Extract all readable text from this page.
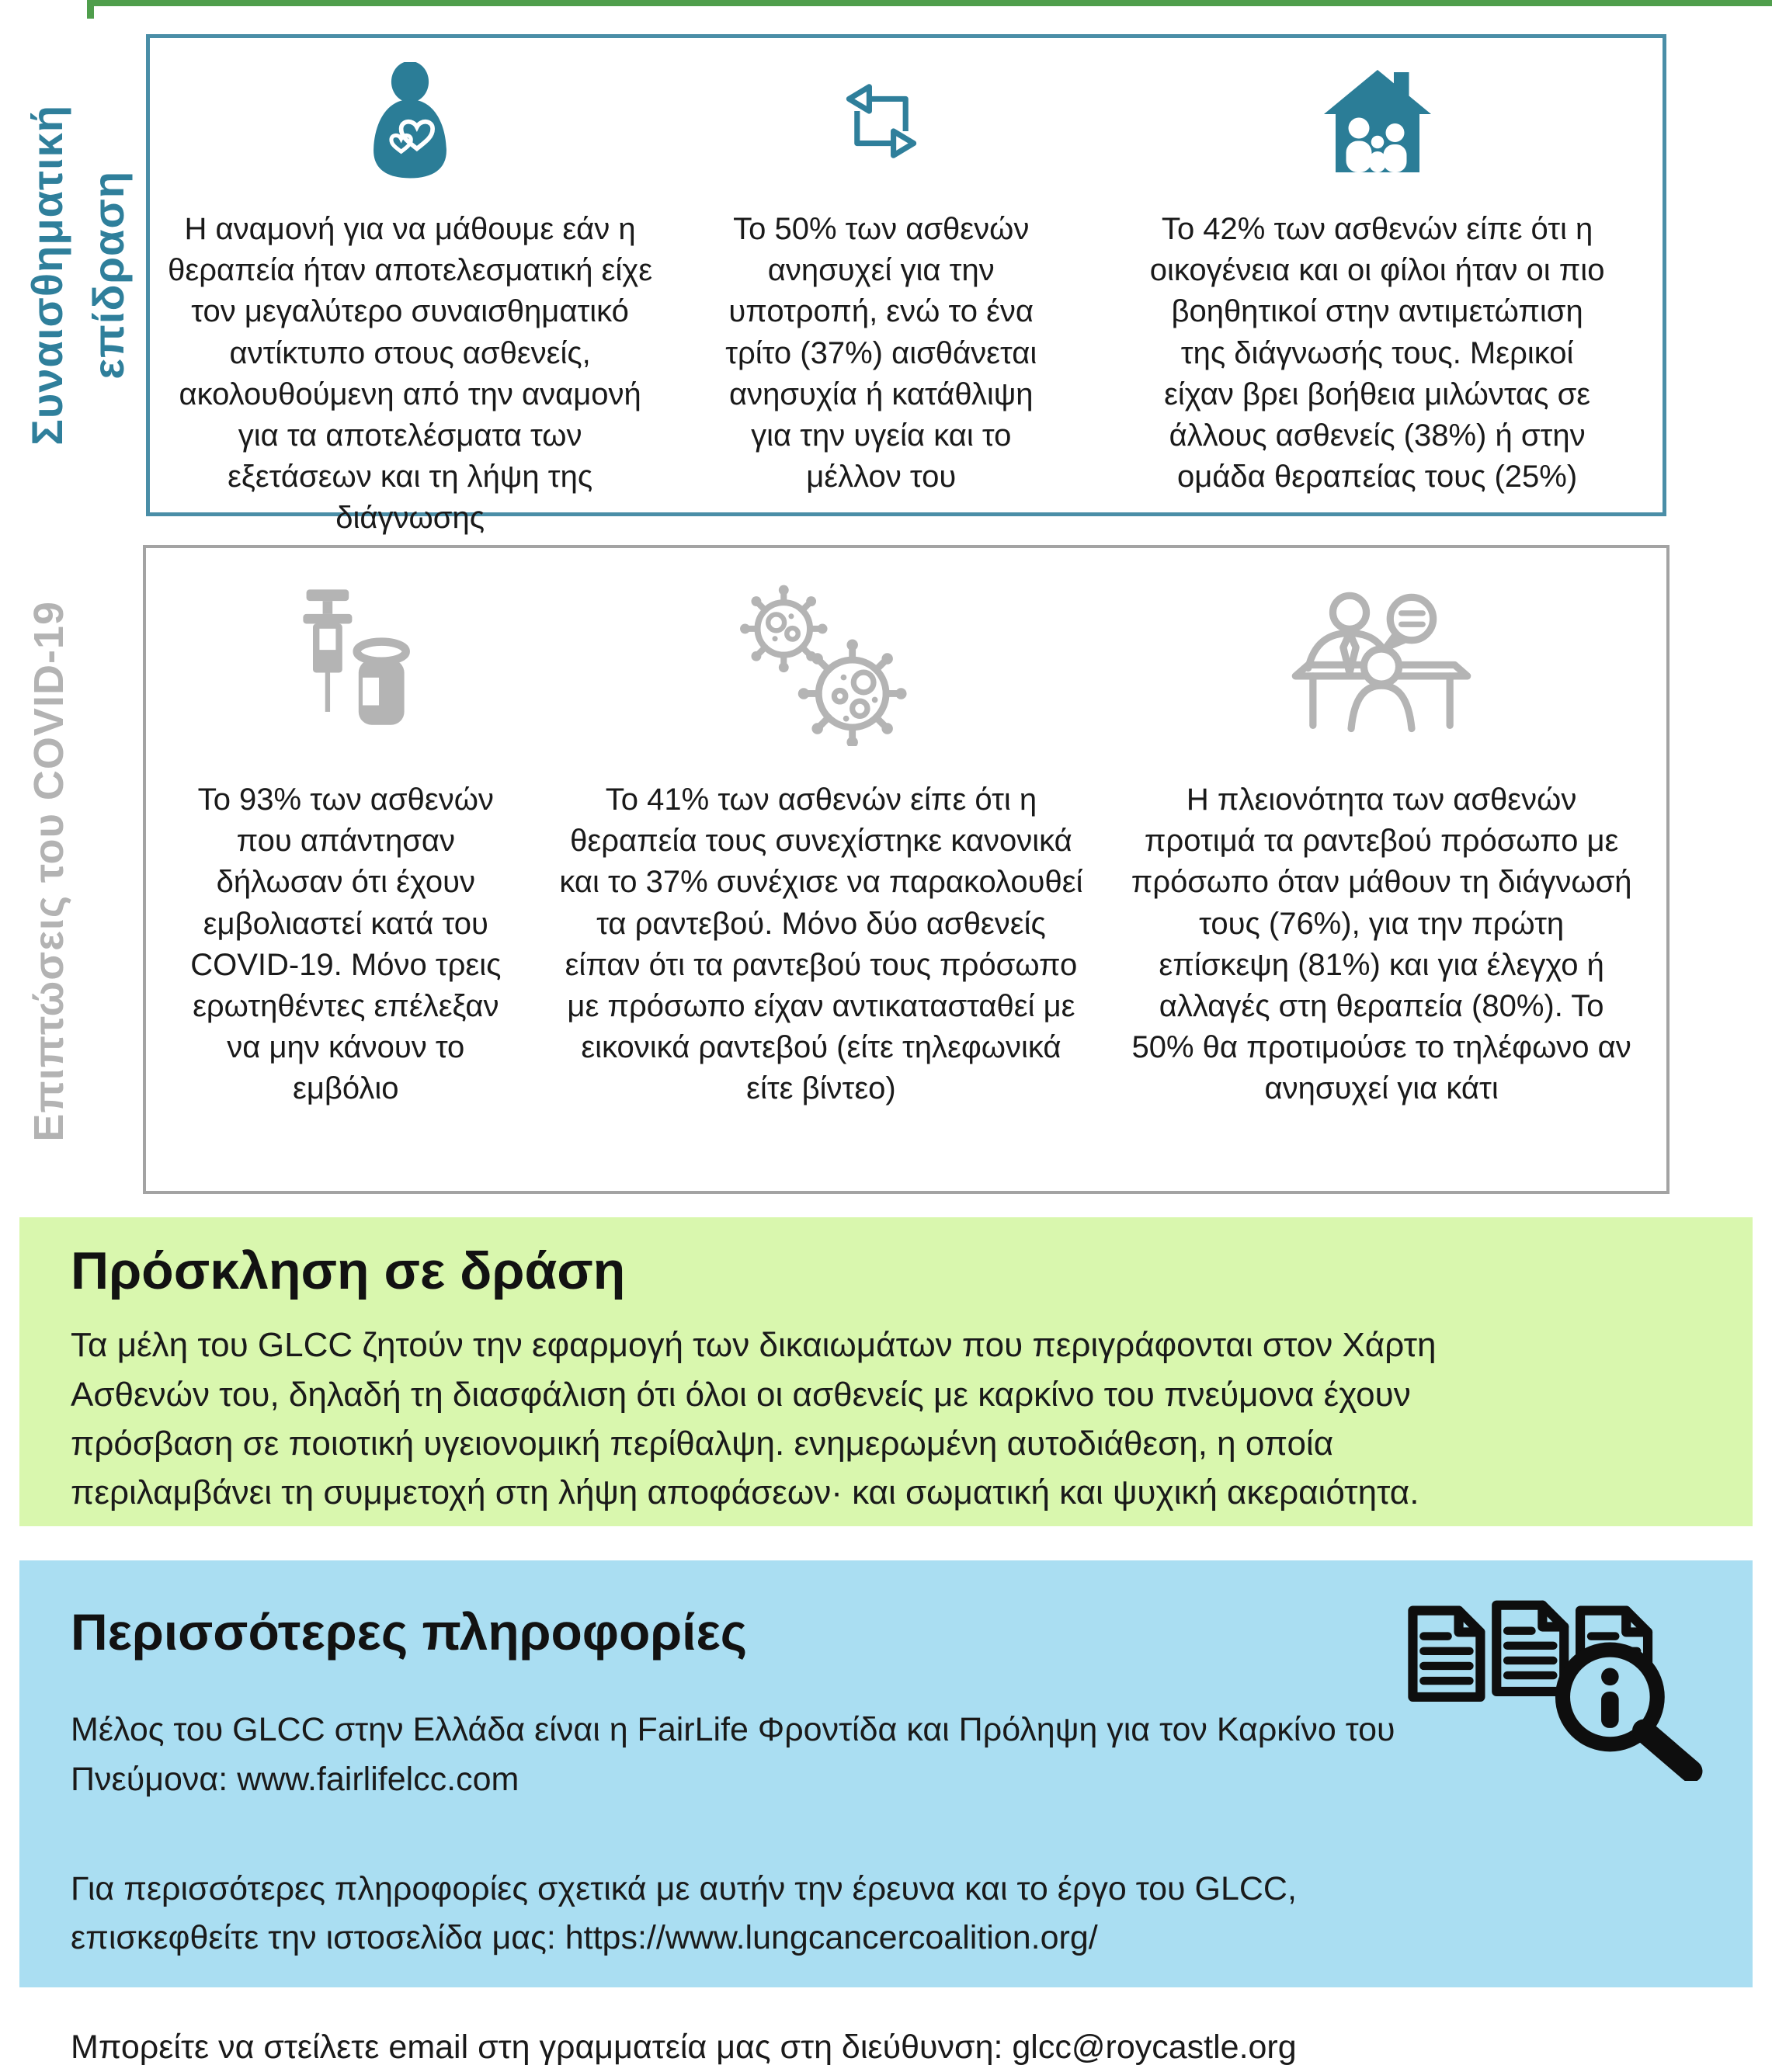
Συναισθηματική επίδραση	Η αναμονή για να μάθουμε εάν η θεραπεία ήταν αποτελεσματική είχε τον μεγαλύτερο συναισθηματικό αντίκτυπο στους ασθενείς, ακολουθούμενη από την αναμονή για τα αποτελέσματα των εξετάσεων και τη λήψη της διάγνωσης

Το 50% των ασθενών ανησυχεί για την υποτροπή, ενώ το ένα τρίτο (37%) αισθάνεται ανησυχία ή κατάθλιψη για την υγεία και το μέλλον του

Το 42% των ασθενών είπε ότι η οικογένεια και οι φίλοι ήταν οι πιο βοηθητικοί στην αντιμετώπιση της διάγνωσής τους. Μερικοί είχαν βρει βοήθεια μιλώντας σε άλλους ασθενείς (38%) ή στην ομάδα θεραπείας τους (25%)

Επιπτώσεις του COVID-19	Το 93% των ασθενών που απάντησαν δήλωσαν ότι έχουν εμβολιαστεί κατά του COVID-19. Μόνο τρεις ερωτηθέντες επέλεξαν να μην κάνουν το εμβόλιο

Το 41% των ασθενών είπε ότι η θεραπεία τους συνεχίστηκε κανονικά και το 37% συνέχισε να παρακολουθεί τα ραντεβού. Μόνο δύο ασθενείς είπαν ότι τα ραντεβού τους πρόσωπο με πρόσωπο είχαν αντικατασταθεί με εικονικά ραντεβού (είτε τηλεφωνικά είτε βίντεο)

Η πλειονότητα των ασθενών προτιμά τα ραντεβού πρόσωπο με πρόσωπο όταν μάθουν τη διάγνωσή τους (76%), για την πρώτη επίσκεψη (81%) και για έλεγχο ή αλλαγές στη θεραπεία (80%). Το 50% θα προτιμούσε το τηλέφωνο αν ανησυχεί για κάτι

Πρόσκληση σε δράση

Τα μέλη του GLCC ζητούν την εφαρμογή των δικαιωμάτων που περιγράφονται στον Χάρτη Ασθενών του, δηλαδή τη διασφάλιση ότι όλοι οι ασθενείς με καρκίνο του πνεύμονα έχουν πρόσβαση σε ποιοτική υγειονομική περίθαλψη. ενημερωμένη αυτοδιάθεση, η οποία περιλαμβάνει τη συμμετοχή στη λήψη αποφάσεων· και σωματική και ψυχική ακεραιότητα.

Περισσότερες πληροφορίες

Μέλος του GLCC στην Ελλάδα είναι η FairLife Φροντίδα και Πρόληψη για τον Καρκίνο του Πνεύμονα: www.fairlifelcc.com

Για περισσότερες πληροφορίες σχετικά με αυτήν την έρευνα και το έργο του GLCC, επισκεφθείτε την ιστοσελίδα μας: https://www.lungcancercoalition.org/

Μπορείτε να στείλετε email στη γραμματεία μας στη διεύθυνση: glcc@roycastle.org
